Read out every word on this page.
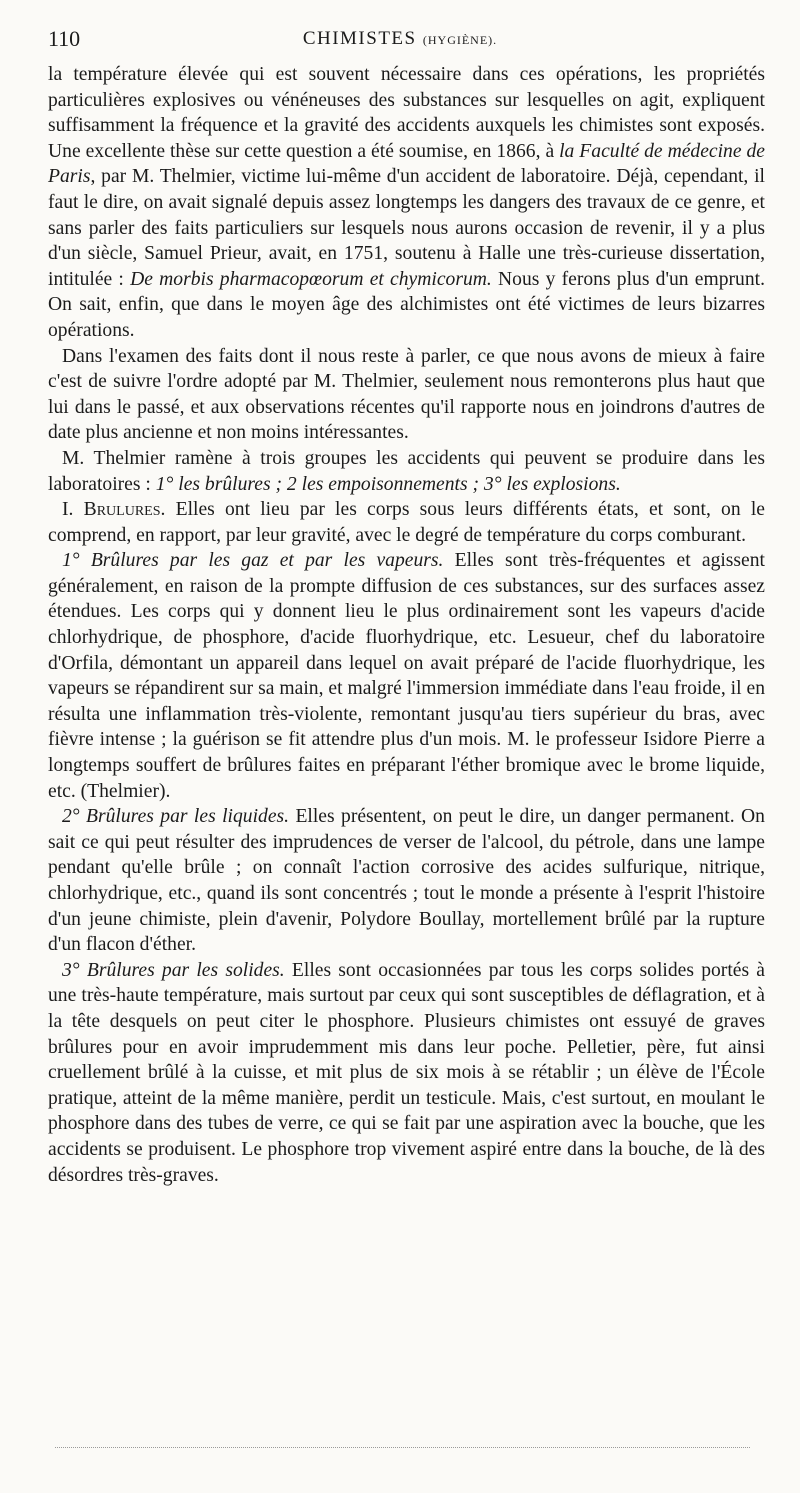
110	CHIMISTES (HYGIÈNE).

la température élevée qui est souvent nécessaire dans ces opérations, les propriétés particulières explosives ou vénéneuses des substances sur lesquelles on agit, expliquent suffisamment la fréquence et la gravité des accidents auxquels les chimistes sont exposés. Une excellente thèse sur cette question a été soumise, en 1866, à la Faculté de médecine de Paris, par M. Thelmier, victime lui-même d'un accident de laboratoire. Déjà, cependant, il faut le dire, on avait signalé depuis assez longtemps les dangers des travaux de ce genre, et sans parler des faits particuliers sur lesquels nous aurons occasion de revenir, il y a plus d'un siècle, Samuel Prieur, avait, en 1751, soutenu à Halle une très-curieuse dissertation, intitulée : De morbis pharmacopœorum et chymicorum. Nous y ferons plus d'un emprunt. On sait, enfin, que dans le moyen âge des alchimistes ont été victimes de leurs bizarres opérations.

Dans l'examen des faits dont il nous reste à parler, ce que nous avons de mieux à faire c'est de suivre l'ordre adopté par M. Thelmier, seulement nous remonterons plus haut que lui dans le passé, et aux observations récentes qu'il rapporte nous en joindrons d'autres de date plus ancienne et non moins intéressantes.

M. Thelmier ramène à trois groupes les accidents qui peuvent se produire dans les laboratoires : 1° les brûlures ; 2 les empoisonnements ; 3° les explosions.

I. Brulures. Elles ont lieu par les corps sous leurs différents états, et sont, on le comprend, en rapport, par leur gravité, avec le degré de température du corps comburant.

1° Brûlures par les gaz et par les vapeurs. Elles sont très-fréquentes et agissent généralement, en raison de la prompte diffusion de ces substances, sur des surfaces assez étendues. Les corps qui y donnent lieu le plus ordinairement sont les vapeurs d'acide chlorhydrique, de phosphore, d'acide fluorhydrique, etc. Lesueur, chef du laboratoire d'Orfila, démontant un appareil dans lequel on avait préparé de l'acide fluorhydrique, les vapeurs se répandirent sur sa main, et malgré l'immersion immédiate dans l'eau froide, il en résulta une inflammation très-violente, remontant jusqu'au tiers supérieur du bras, avec fièvre intense ; la guérison se fit attendre plus d'un mois. M. le professeur Isidore Pierre a longtemps souffert de brûlures faites en préparant l'éther bromique avec le brome liquide, etc. (Thelmier).

2° Brûlures par les liquides. Elles présentent, on peut le dire, un danger permanent. On sait ce qui peut résulter des imprudences de verser de l'alcool, du pétrole, dans une lampe pendant qu'elle brûle ; on connaît l'action corrosive des acides sulfurique, nitrique, chlorhydrique, etc., quand ils sont concentrés ; tout le monde a présente à l'esprit l'histoire d'un jeune chimiste, plein d'avenir, Polydore Boullay, mortellement brûlé par la rupture d'un flacon d'éther.

3° Brûlures par les solides. Elles sont occasionnées par tous les corps solides portés à une très-haute température, mais surtout par ceux qui sont susceptibles de déflagration, et à la tête desquels on peut citer le phosphore. Plusieurs chimistes ont essuyé de graves brûlures pour en avoir imprudemment mis dans leur poche. Pelletier, père, fut ainsi cruellement brûlé à la cuisse, et mit plus de six mois à se rétablir ; un élève de l'École pratique, atteint de la même manière, perdit un testicule. Mais, c'est surtout, en moulant le phosphore dans des tubes de verre, ce qui se fait par une aspiration avec la bouche, que les accidents se produisent. Le phosphore trop vivement aspiré entre dans la bouche, de là des désordres très-graves.
